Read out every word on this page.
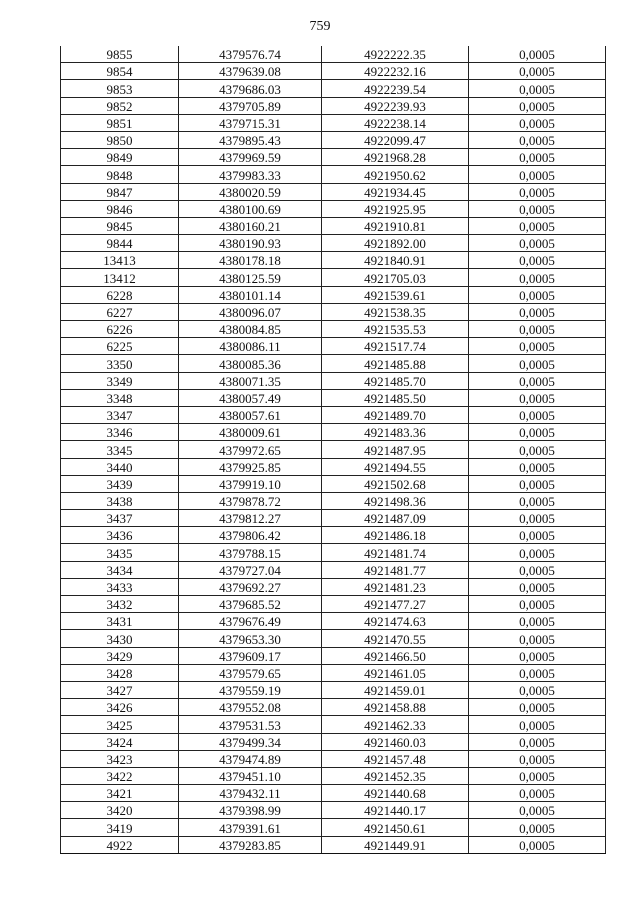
759
9855	4379576.74	4922222.35	0,0005
9854	4379639.08	4922232.16	0,0005
9853	4379686.03	4922239.54	0,0005
9852	4379705.89	4922239.93	0,0005
9851	4379715.31	4922238.14	0,0005
9850	4379895.43	4922099.47	0,0005
9849	4379969.59	4921968.28	0,0005
9848	4379983.33	4921950.62	0,0005
9847	4380020.59	4921934.45	0,0005
9846	4380100.69	4921925.95	0,0005
9845	4380160.21	4921910.81	0,0005
9844	4380190.93	4921892.00	0,0005
13413	4380178.18	4921840.91	0,0005
13412	4380125.59	4921705.03	0,0005
6228	4380101.14	4921539.61	0,0005
6227	4380096.07	4921538.35	0,0005
6226	4380084.85	4921535.53	0,0005
6225	4380086.11	4921517.74	0,0005
3350	4380085.36	4921485.88	0,0005
3349	4380071.35	4921485.70	0,0005
3348	4380057.49	4921485.50	0,0005
3347	4380057.61	4921489.70	0,0005
3346	4380009.61	4921483.36	0,0005
3345	4379972.65	4921487.95	0,0005
3440	4379925.85	4921494.55	0,0005
3439	4379919.10	4921502.68	0,0005
3438	4379878.72	4921498.36	0,0005
3437	4379812.27	4921487.09	0,0005
3436	4379806.42	4921486.18	0,0005
3435	4379788.15	4921481.74	0,0005
3434	4379727.04	4921481.77	0,0005
3433	4379692.27	4921481.23	0,0005
3432	4379685.52	4921477.27	0,0005
3431	4379676.49	4921474.63	0,0005
3430	4379653.30	4921470.55	0,0005
3429	4379609.17	4921466.50	0,0005
3428	4379579.65	4921461.05	0,0005
3427	4379559.19	4921459.01	0,0005
3426	4379552.08	4921458.88	0,0005
3425	4379531.53	4921462.33	0,0005
3424	4379499.34	4921460.03	0,0005
3423	4379474.89	4921457.48	0,0005
3422	4379451.10	4921452.35	0,0005
3421	4379432.11	4921440.68	0,0005
3420	4379398.99	4921440.17	0,0005
3419	4379391.61	4921450.61	0,0005
4922	4379283.85	4921449.91	0,0005
